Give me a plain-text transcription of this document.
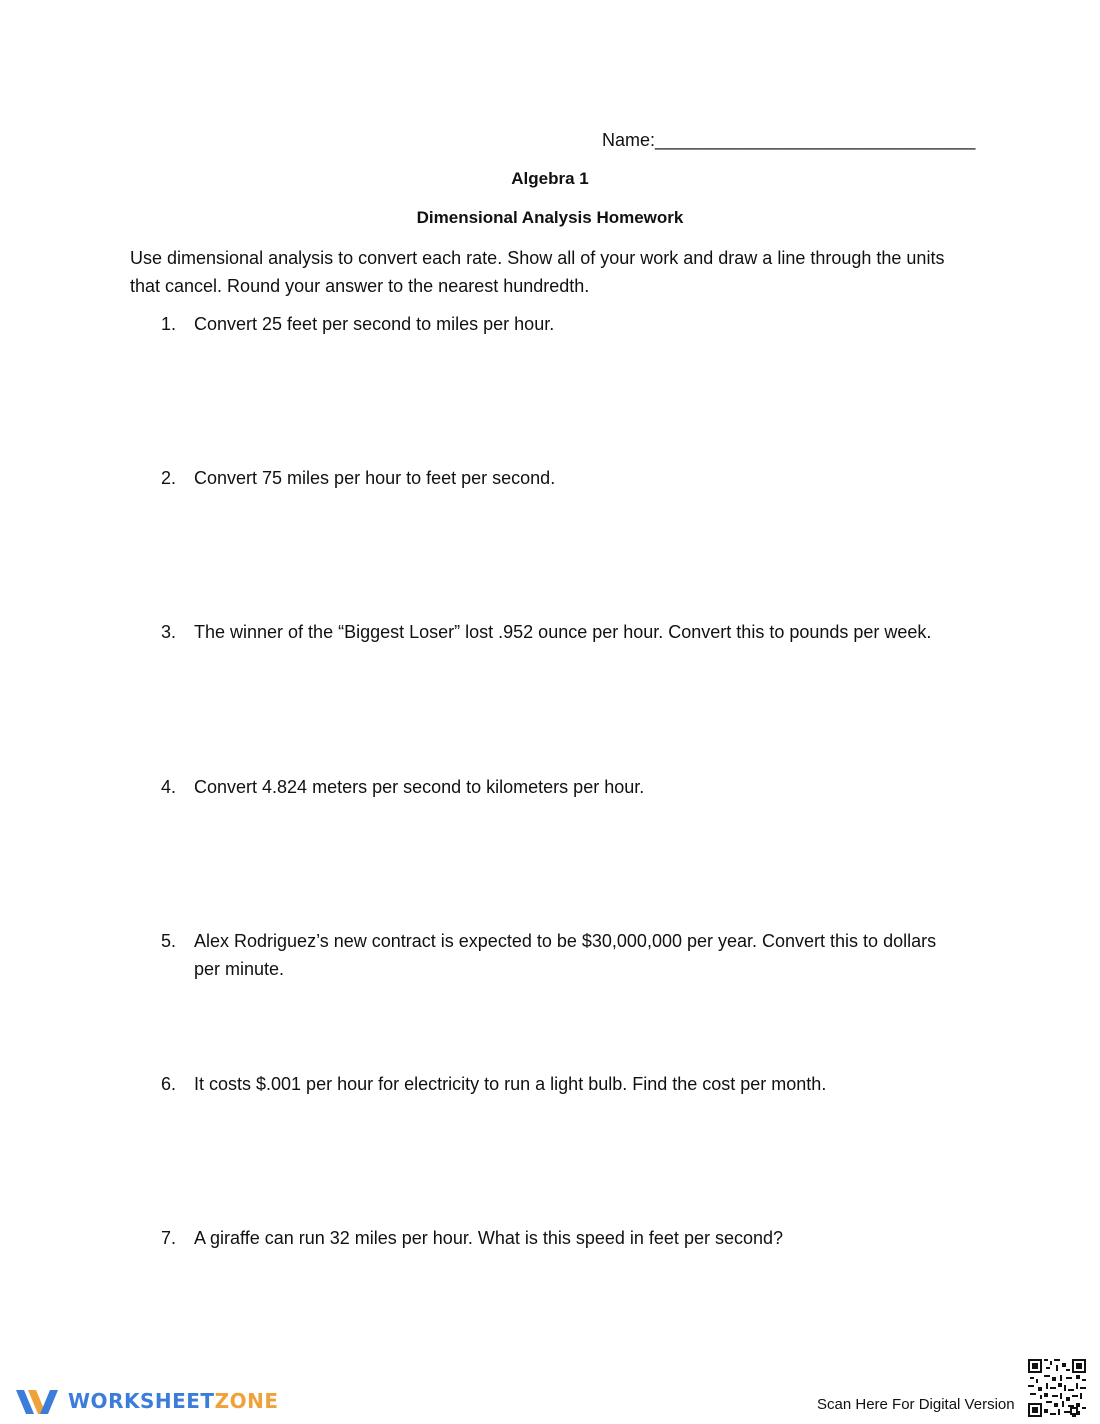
Name:________________________________
Algebra 1
Dimensional Analysis Homework
Use dimensional analysis to convert each rate. Show all of your work and draw a line through the units that cancel. Round your answer to the nearest hundredth.
1. Convert 25 feet per second to miles per hour.
2. Convert 75 miles per hour to feet per second.
3. The winner of the “Biggest Loser” lost .952 ounce per hour. Convert this to pounds per week.
4. Convert 4.824 meters per second to kilometers per hour.
5. Alex Rodriguez’s new contract is expected to be $30,000,000 per year. Convert this to dollars per minute.
6. It costs $.001 per hour for electricity to run a light bulb. Find the cost per month.
7. A giraffe can run 32 miles per hour. What is this speed in feet per second?
WORKSHEETZONE	Scan Here For Digital Version
